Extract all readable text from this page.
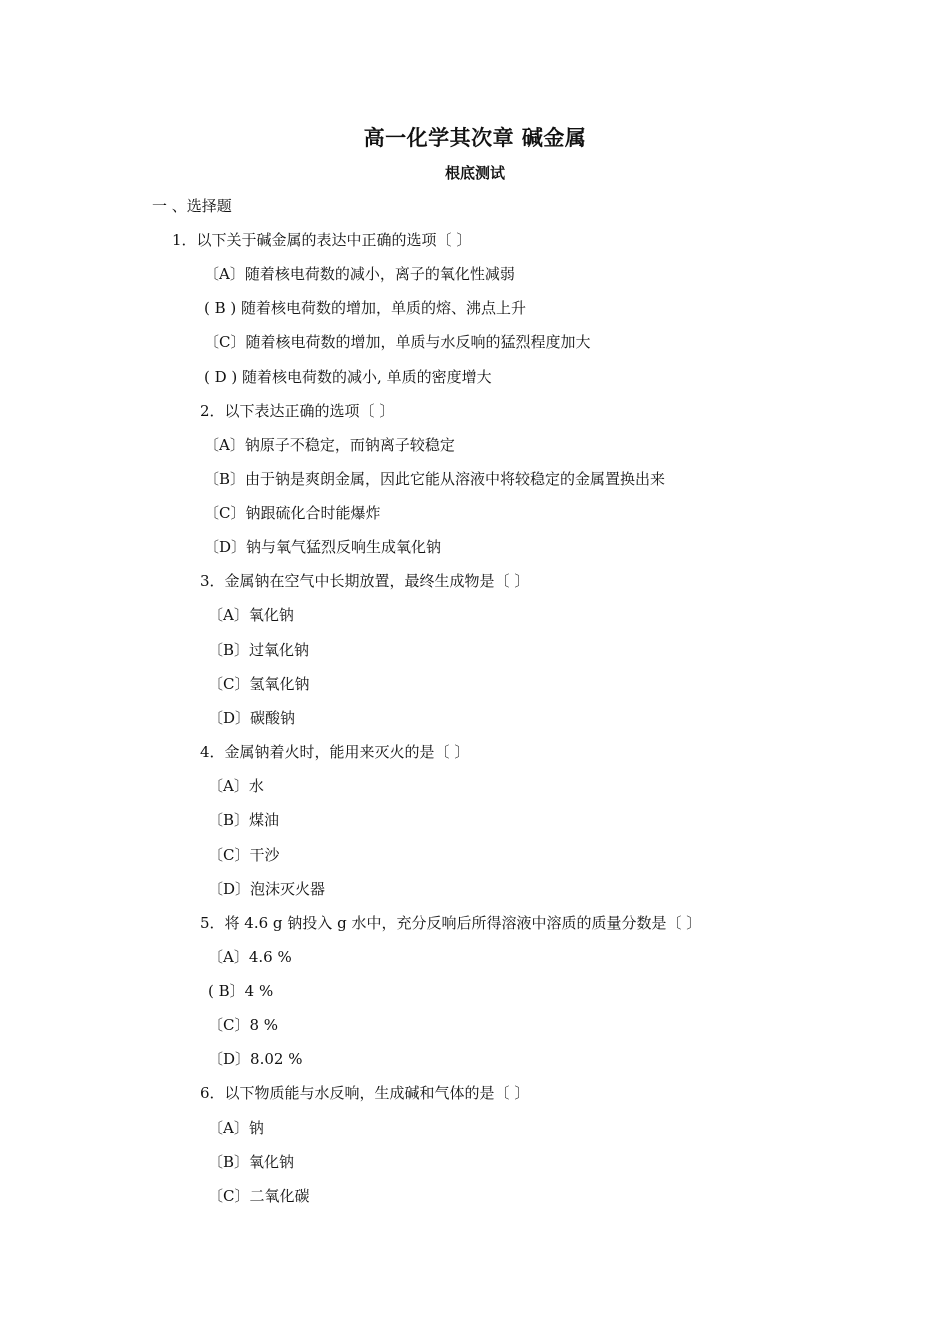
高一化学其次章 碱金属
根底测试
一 、选择题
1．以下关于碱金属的表达中正确的选项〔 〕
〔A〕随着核电荷数的减小，离子的氧化性减弱
( B ) 随着核电荷数的增加，单质的熔、沸点上升
〔C〕随着核电荷数的增加，单质与水反响的猛烈程度加大
( D ) 随着核电荷数的减小, 单质的密度增大
2．以下表达正确的选项〔 〕
〔A〕钠原子不稳定，而钠离子较稳定
〔B〕由于钠是爽朗金属，因此它能从溶液中将较稳定的金属置换出来
〔C〕钠跟硫化合时能爆炸
〔D〕钠与氧气猛烈反响生成氧化钠
3．金属钠在空气中长期放置，最终生成物是〔 〕
〔A〕氧化钠
〔B〕过氧化钠
〔C〕氢氧化钠
〔D〕碳酸钠
4．金属钠着火时，能用来灭火的是〔 〕
〔A〕水
〔B〕煤油
〔C〕干沙
〔D〕泡沫灭火器
5．将 4.6 g 钠投入 g 水中，充分反响后所得溶液中溶质的质量分数是〔 〕
〔A〕4.6 %
( B〕4 %
〔C〕8 %
〔D〕8.02 %
6．以下物质能与水反响，生成碱和气体的是〔 〕
〔A〕钠
〔B〕氧化钠
〔C〕二氧化碳
